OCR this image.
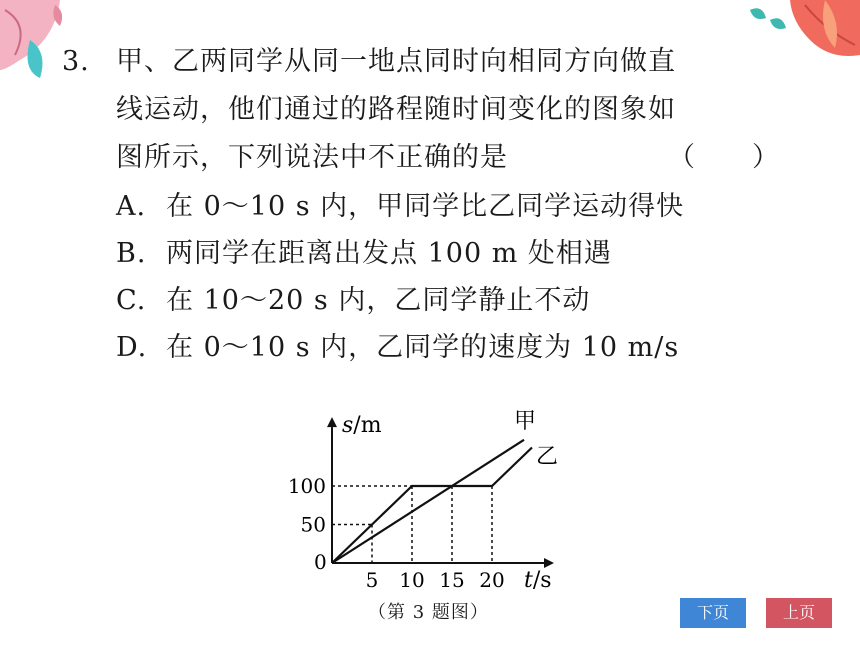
3. 甲、乙两同学从同一地点同时向相同方向做直
线运动，他们通过的路程随时间变化的图象如
图所示，下列说法中不正确的是	（　　）
A. 在 0～10 s 内，甲同学比乙同学运动得快
B. 两同学在距离出发点 100 m 处相遇
C. 在 10～20 s 内，乙同学静止不动
D. 在 0～10 s 内，乙同学的速度为 10 m/s
s/m
t/s
0
5 10 15 20
50
100
甲
乙
（第 3 题图）	下页	上页
